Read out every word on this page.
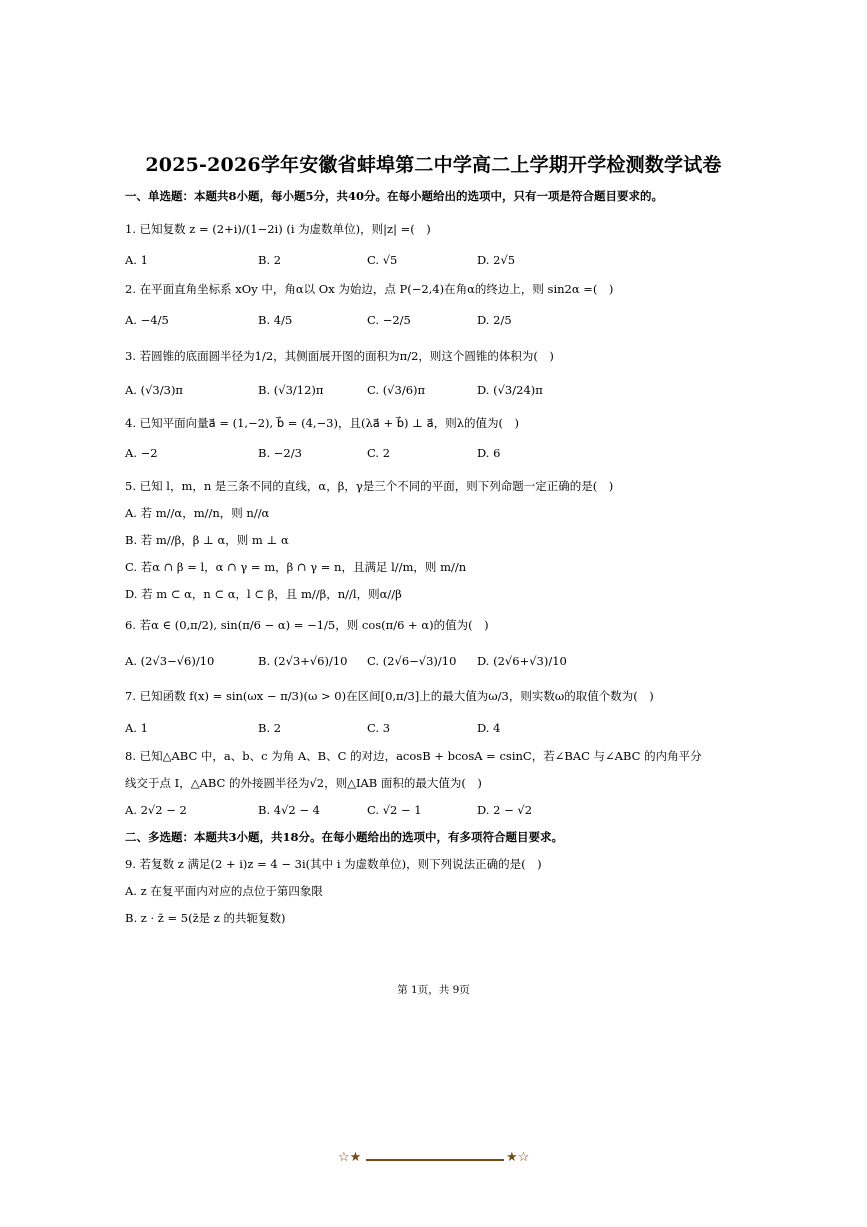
2025-2026学年安徽省蚌埠第二中学高二上学期开学检测数学试卷
一、单选题：本题共8小题，每小题5分，共40分。在每小题给出的选项中，只有一项是符合题目要求的。
1. 已知复数 z = (2+i)/(1−2i) (i 为虚数单位)，则|z| =(　)
A. 1	B. 2	C. √5	D. 2√5
2. 在平面直角坐标系 xOy 中，角α以 Ox 为始边，点 P(−2,4)在角α的终边上，则 sin2α =(　)
A. −4/5	B. 4/5	C. −2/5	D. 2/5
3. 若圆锥的底面圆半径为1/2，其侧面展开图的面积为π/2，则这个圆锥的体积为(　)
A. (√3/3)π	B. (√3/12)π	C. (√3/6)π	D. (√3/24)π
4. 已知平面向量a⃗ = (1,−2), b⃗ = (4,−3)，且(λa⃗ + b⃗) ⊥ a⃗，则λ的值为(　)
A. −2	B. −2/3	C. 2	D. 6
5. 已知 l，m，n 是三条不同的直线，α，β，γ是三个不同的平面，则下列命题一定正确的是(　)
A. 若 m//α，m//n，则 n//α
B. 若 m//β，β ⊥ α，则 m ⊥ α
C. 若α ∩ β = l，α ∩ γ = m，β ∩ γ = n，且满足 l//m，则 m//n
D. 若 m ⊂ α，n ⊂ α，l ⊂ β，且 m//β，n//l，则α//β
6. 若α ∈ (0,π/2), sin(π/6 − α) = −1/5，则 cos(π/6 + α)的值为(　)
A. (2√3−√6)/10	B. (2√3+√6)/10 C. (2√6−√3)/10 D. (2√6+√3)/10
7. 已知函数 f(x) = sin(ωx − π/3)(ω > 0)在区间[0,π/3]上的最大值为ω/3，则实数ω的取值个数为(　)
A. 1	B. 2	C. 3	D. 4
8. 已知△ABC 中，a、b、c 为角 A、B、C 的对边，acosB + bcosA = csinC，若∠BAC 与∠ABC 的内角平分
线交于点 I，△ABC 的外接圆半径为√2，则△IAB 面积的最大值为(　)
A. 2√2 − 2	B. 4√2 − 4	C. √2 − 1	D. 2 − √2
二、多选题：本题共3小题，共18分。在每小题给出的选项中，有多项符合题目要求。
9. 若复数 z 满足(2 + i)z = 4 − 3i(其中 i 为虚数单位)，则下列说法正确的是(　)
A. z 在复平面内对应的点位于第四象限
B. z · z̄ = 5(z̄是 z 的共轭复数)
第 1页，共 9页
☆★	★☆
